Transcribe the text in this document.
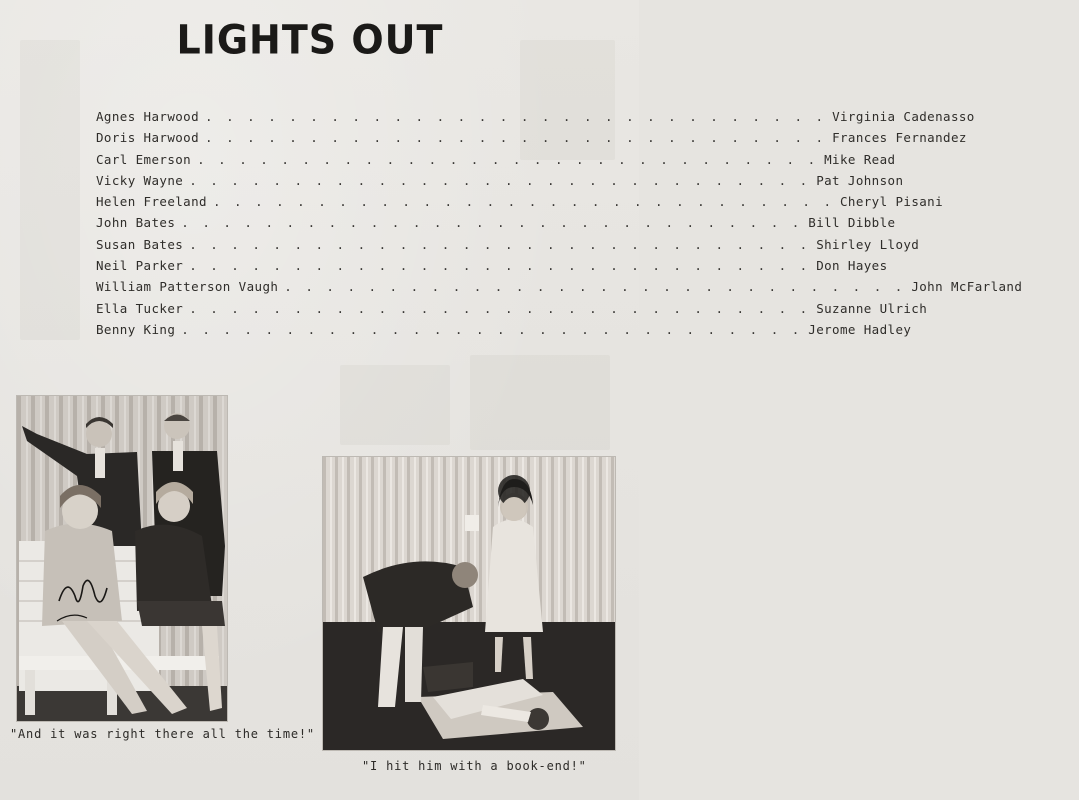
LIGHTS OUT
Agnes Harwood . . . . . . . . . . . . . . . . . . . . . . . . . . . . . . Virginia Cadenasso
Doris Harwood . . . . . . . . . . . . . . . . . . . . . . . . . . . . . . Frances Fernandez
Carl Emerson . . . . . . . . . . . . . . . . . . . . . . . . . . . . . . Mike Read
Vicky Wayne . . . . . . . . . . . . . . . . . . . . . . . . . . . . . . Pat Johnson
Helen Freeland . . . . . . . . . . . . . . . . . . . . . . . . . . . . . . Cheryl Pisani
John Bates . . . . . . . . . . . . . . . . . . . . . . . . . . . . . . Bill Dibble
Susan Bates . . . . . . . . . . . . . . . . . . . . . . . . . . . . . . Shirley Lloyd
Neil Parker . . . . . . . . . . . . . . . . . . . . . . . . . . . . . . Don Hayes
William Patterson Vaugh . . . . . . . . . . . . . . . . . . . . . . . . . . . . . . John McFarland
Ella Tucker . . . . . . . . . . . . . . . . . . . . . . . . . . . . . . Suzanne Ulrich
Benny King . . . . . . . . . . . . . . . . . . . . . . . . . . . . . . Jerome Hadley
"And it was right there all the time!"
"I hit him with a book-end!"
